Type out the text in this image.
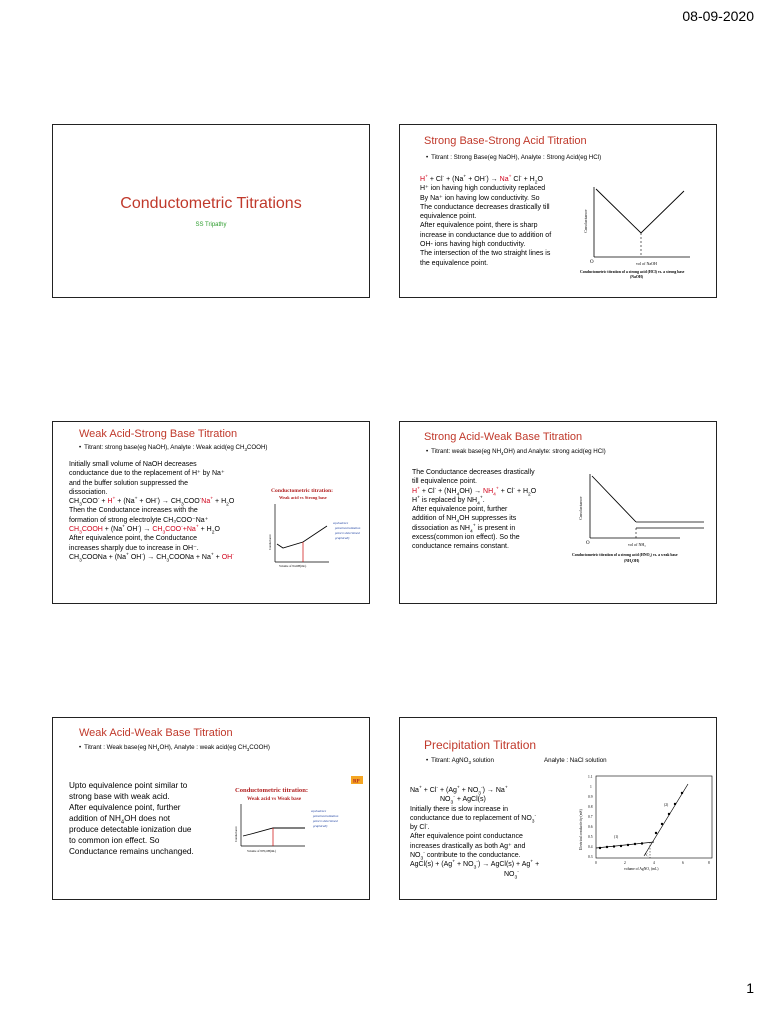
08-09-2020
Conductometric Titrations
SS Tripathy
Strong Base-Strong Acid Titration
• Titrant : Strong Base(eg NaOH), Analyte : Strong Acid(eg HCl)
H+ + Cl- + (Na+ + OH-) → Na+ $Cl^- + H_2O$
H⁺ ion having high conductivity replaced
By Na⁺ ion having low conductivity. So
The conductance decreases drastically till
equivalence point.
After equivalence point, there is sharp
increase in conductance due to addition of
OH- ions having high conductivity.
The intersection of the two straight lines is
the equivalence point.
Conductance
O	vol of NaOH
Conductometric titration of a strong acid (HCl) vs. a strong base
(NaOH)
Weak Acid-Strong Base Titration
• Titrant: strong base(eg NaOH), Analyte : Weak acid(eg $CH_3COOH$)
Initially small volume of NaOH decreases
conductance due to the replacement of H⁺ by Na⁺
and the buffer solution suppressed the
dissociation.
$CH_3COO^- + H^+ + (Na^+ + OH^-) \to CH_3COO^-Na^+ + H_2O$
Then the Conductance increases with the
formation of strong electrolyte CH₃COO⁻Na⁺
$CH_3COOH + (Na^+$ $OH^-) \to CH_3COO^-+Na^+ + H_2O$
After equivalence point, the Conductance
increases sharply due to increase in OH⁻.
$CH_3COONa + (Na^+$ $OH^-) \to CH_3COONa + Na^+ + OH^-$
Conductometric titration:
Weak acid vs Strong base
Conductance
Volume of NaOH(mL)
equivalence
point/neutralization
point is determined
graphically
Strong Acid-Weak Base Titration
• Titrant: weak base(eg $NH_4OH$) and Analyte: strong acid(eg HCl)
The Conductance decreases drastically
till equivalence point.
$H^+ + Cl^- + (NH_4OH) \to NH_4^+ + Cl^- + H_2O$
H+ is replaced by $NH_4^+$.
After equivalence point, further
addition of $NH_4OH$ suppresses its
dissociation as $NH_4^+$ is present in
excess(common ion effect). So the
conductance remains constant.
Conductance
O	vol of NH₃
Conductometric titration of a strong acid (HNO₃) vs. a weak base
(NH₄OH)
Weak Acid-Weak Base Titration
• Titrant : Weak base(eg $NH_4OH$), Analyte : weak acid(eg $CH_3COOH$)
Upto equivalence point similar to
strong base with weak acid.
After equivalence point, further
addition of $NH_4OH$ does not
produce detectable ionization due
to common ion effect. So
Conductance remains unchanged.
Conductometric titration:
Weak acid vs Weak base
RP
Conductance
Volume of NH₄OH(mL)
equivalence
point/neutralization
point is determined
graphically
Precipitation Titration
• Titrant: AgNO$_3$ solution	Analyte : NaCl solution
$Na^+ + Cl^- + (Ag^+ + NO_3^-) \to Na^+$
$NO_3^-$ + AgCl(s)
Initially there is slow increase in
conductance due to replacement of $NO_3^-$
by Cl-.
After equivalence point conductance
increases drastically as both Ag⁺ and
$NO_3^-$ contribute to the conductance.
AgCl(s) + $(Ag^+ + NO_3^-)$ → AgCl(s) + Ag+ +
$NO_3^-$
1.1
1
0.9
0.8
0.7
0.6
0.5
0.4
0.3
0	2	4	6	8
Electrical conductivity (mS)
volume of AgNO₃ (mL)
(1)
(2)
Vₑ
1
